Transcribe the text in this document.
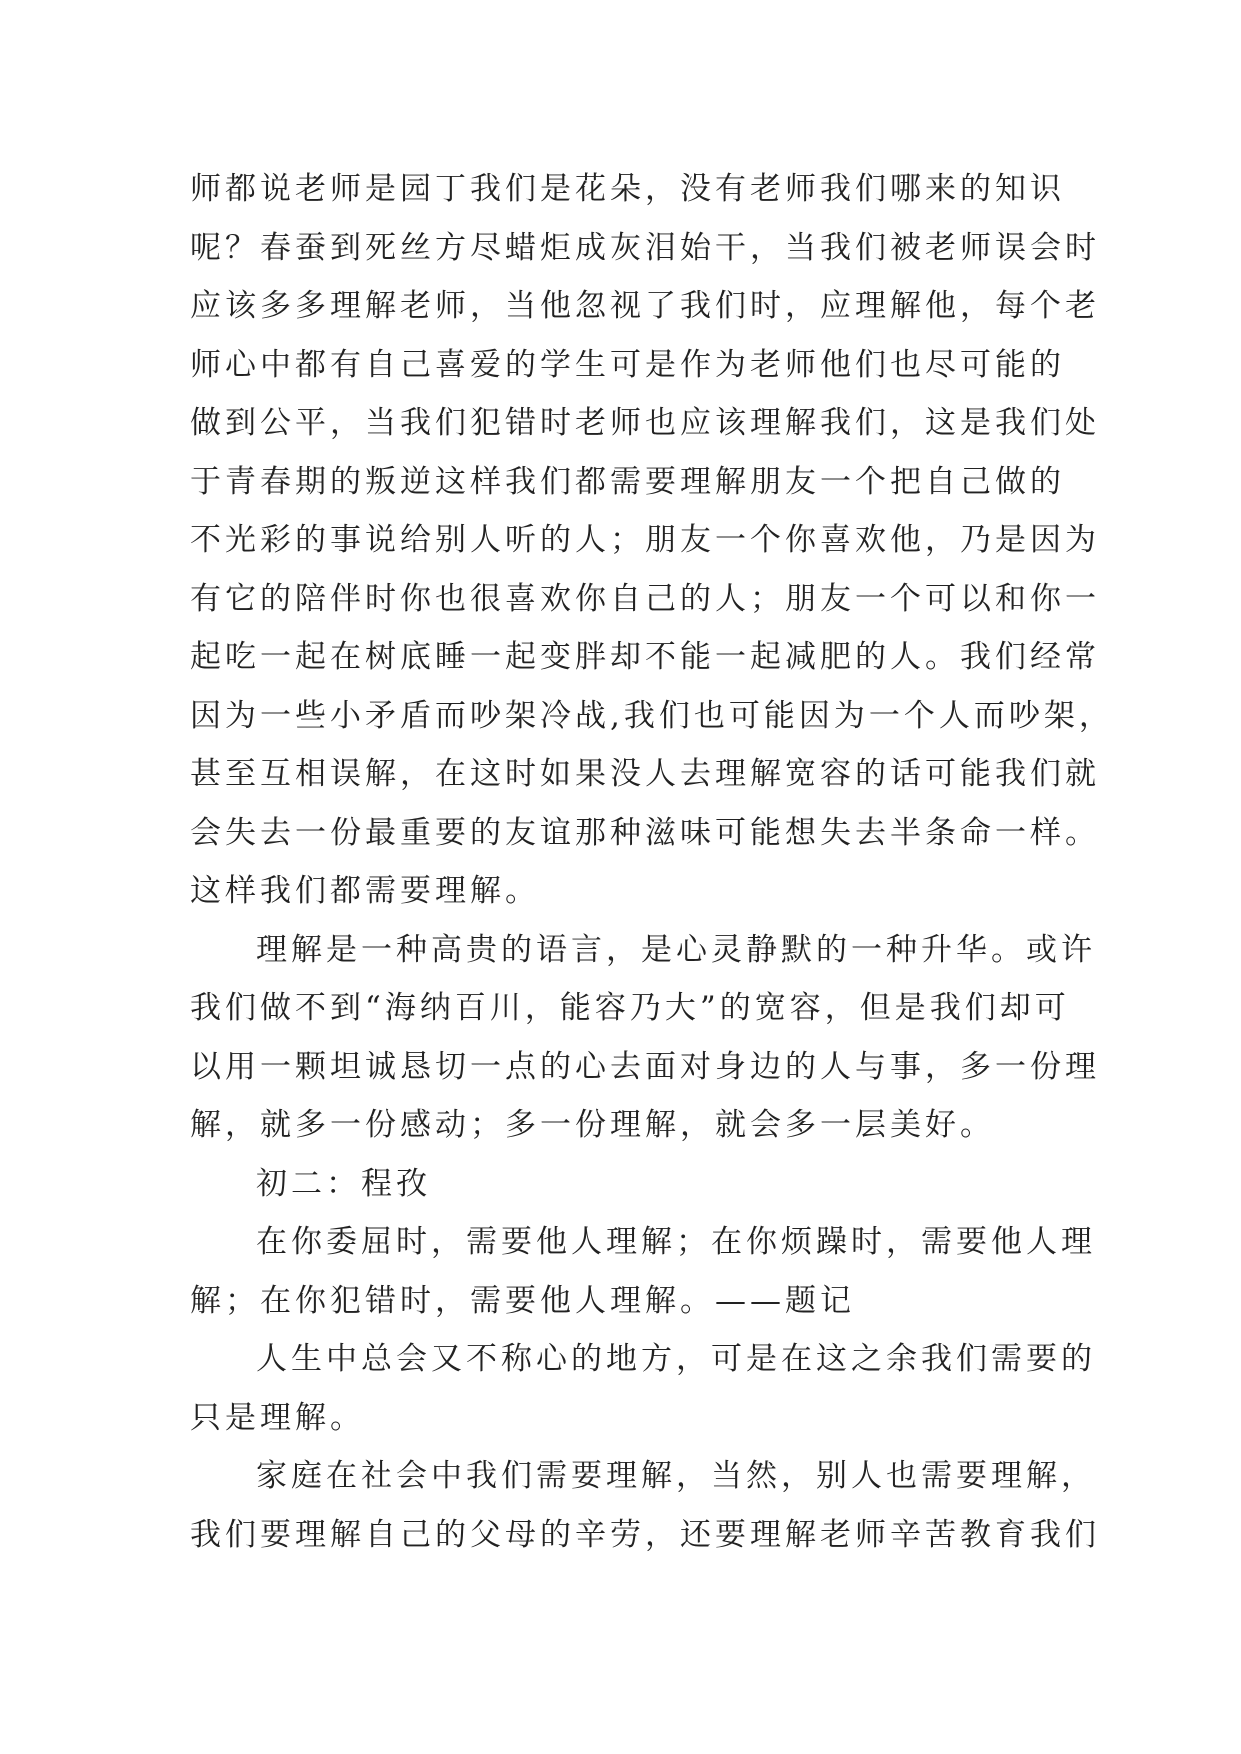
师都说老师是园丁我们是花朵，没有老师我们哪来的知识
呢？春蚕到死丝方尽蜡炬成灰泪始干，当我们被老师误会时
应该多多理解老师，当他忽视了我们时，应理解他，每个老
师心中都有自己喜爱的学生可是作为老师他们也尽可能的
做到公平，当我们犯错时老师也应该理解我们，这是我们处
于青春期的叛逆这样我们都需要理解朋友一个把自己做的
不光彩的事说给别人听的人；朋友一个你喜欢他，乃是因为
有它的陪伴时你也很喜欢你自己的人；朋友一个可以和你一
起吃一起在树底睡一起变胖却不能一起减肥的人。我们经常
因为一些小矛盾而吵架冷战,我们也可能因为一个人而吵架，
甚至互相误解，在这时如果没人去理解宽容的话可能我们就
会失去一份最重要的友谊那种滋味可能想失去半条命一样。
这样我们都需要理解。
理解是一种高贵的语言，是心灵静默的一种升华。或许
我们做不到“海纳百川，能容乃大”的宽容，但是我们却可
以用一颗坦诚恳切一点的心去面对身边的人与事，多一份理
解，就多一份感动；多一份理解，就会多一层美好。
初二：程孜
在你委屈时，需要他人理解；在你烦躁时，需要他人理
解；在你犯错时，需要他人理解。——题记
人生中总会又不称心的地方，可是在这之余我们需要的
只是理解。
家庭在社会中我们需要理解，当然，别人也需要理解，
我们要理解自己的父母的辛劳，还要理解老师辛苦教育我们
